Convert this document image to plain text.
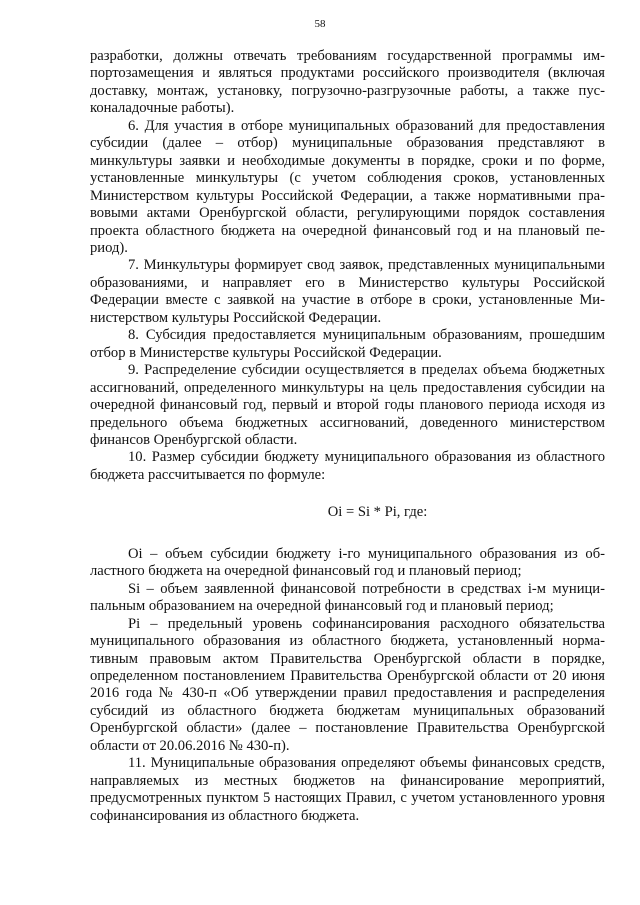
58

разработки, должны отвечать требованиям государственной программы импортозамещения и являться продуктами российского производителя (включая доставку, монтаж, установку, погрузочно-разгрузочные работы, а также пусконаладочные работы).

6. Для участия в отборе муниципальных образований для предоставления субсидии (далее – отбор) муниципальные образования представляют в минкультуры заявки и необходимые документы в порядке, сроки и по форме, установленные минкультуры (с учетом соблюдения сроков, установленных Министерством культуры Российской Федерации, а также нормативными правовыми актами Оренбургской области, регулирующими порядок составления проекта областного бюджета на очередной финансовый год и на плановый период).

7. Минкультуры формирует свод заявок, представленных муниципальными образованиями, и направляет его в Министерство культуры Российской Федерации вместе с заявкой на участие в отборе в сроки, установленные Министерством культуры Российской Федерации.

8. Субсидия предоставляется муниципальным образованиям, прошедшим отбор в Министерстве культуры Российской Федерации.

9. Распределение субсидии осуществляется в пределах объема бюджетных ассигнований, определенного минкультуры на цель предоставления субсидии на очередной финансовый год, первый и второй годы планового периода исходя из предельного объема бюджетных ассигнований, доведенного министерством финансов Оренбургской области.

10. Размер субсидии бюджету муниципального образования из областного бюджета рассчитывается по формуле:

Oi = Si * Pi, где:

Oi – объем субсидии бюджету i-го муниципального образования из областного бюджета на очередной финансовый год и плановый период;

Si – объем заявленной финансовой потребности в средствах i-м муниципальным образованием на очередной финансовый год и плановый период;

Pi – предельный уровень софинансирования расходного обязательства муниципального образования из областного бюджета, установленный нормативным правовым актом Правительства Оренбургской области в порядке, определенном постановлением Правительства Оренбургской области от 20 июня 2016 года № 430-п «Об утверждении правил предоставления и распределения субсидий из областного бюджета бюджетам муниципальных образований Оренбургской области» (далее – постановление Правительства Оренбургской области от 20.06.2016 № 430-п).

11. Муниципальные образования определяют объемы финансовых средств, направляемых из местных бюджетов на финансирование мероприятий, предусмотренных пунктом 5 настоящих Правил, с учетом установленного уровня софинансирования из областного бюджета.
